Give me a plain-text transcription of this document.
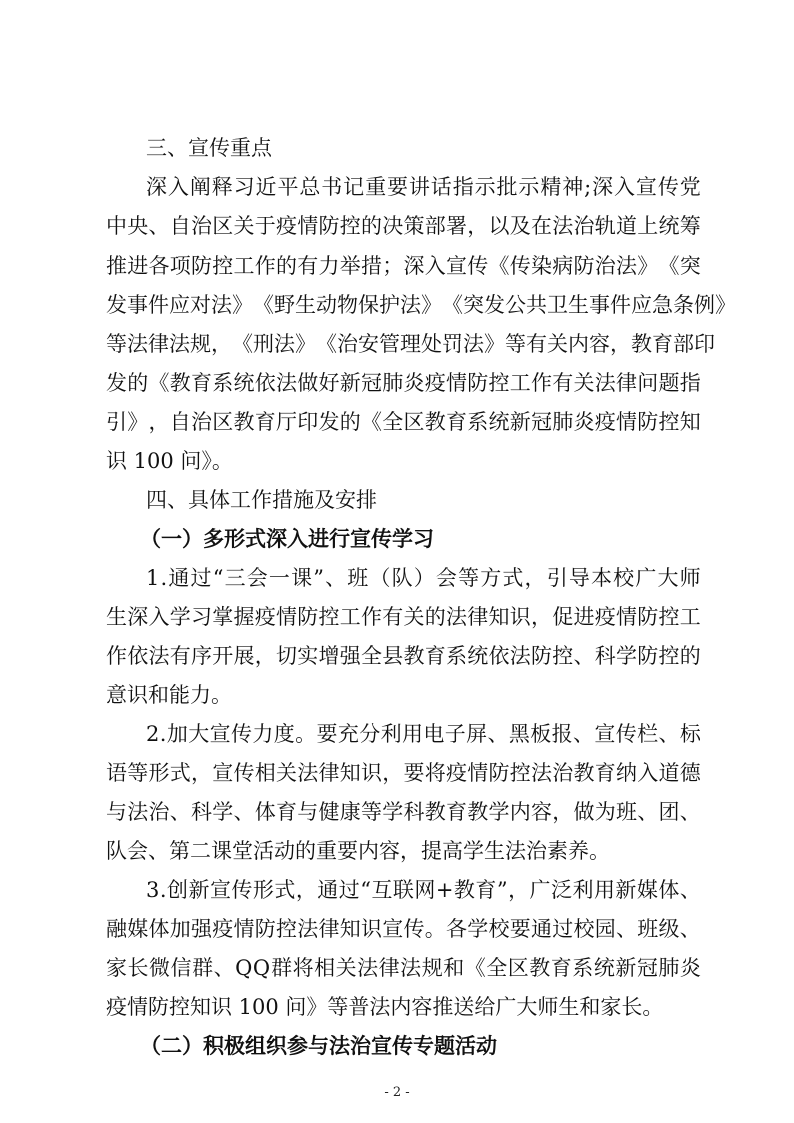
三、宣传重点
深 入 阐 释 习 近 平 总 书 记 重 要 讲 话 指 示 批 示 精 神 ; 深 入 宣 传 党
中 央 、 自 治 区 关 于 疫 情 防 控 的 决 策 部 署 ， 以 及 在 法 治 轨 道 上 统 筹
推 进 各 项 防 控 工 作 的 有 力 举 措 ； 深 入 宣 传 《 传 染 病 防 治 法 》 《 突
发 事 件 应 对 法 》 《 野 生 动 物 保 护 法 》 《 突 发 公 共 卫 生 事 件 应 急 条 例 》
等 法 律 法 规 ， 《 刑 法 》 《 治 安 管 理 处 罚 法 》 等 有 关 内 容 ， 教 育 部 印
发 的 《 教 育 系 统 依 法 做 好 新 冠 肺 炎 疫 情 防 控 工 作 有 关 法 律 问 题 指
引 》 ， 自 治 区 教 育 厅 印 发 的 《 全 区 教 育 系 统 新 冠 肺 炎 疫 情 防 控 知
识 100 问》。
四、具体工作措施及安排
（一）多形式深入进行宣传学习
1 . 通 过 “ 三 会 一 课 ” 、 班 （ 队 ） 会 等 方 式 ， 引 导 本 校 广 大 师
生 深 入 学 习 掌 握 疫 情 防 控 工 作 有 关 的 法 律 知 识 ， 促 进 疫 情 防 控 工
作 依 法 有 序 开 展 ， 切 实 增 强 全 县 教 育 系 统 依 法 防 控 、 科 学 防 控 的
意识和能力。
2 . 加 大 宣 传 力 度 。 要 充 分 利 用 电 子 屏 、 黑 板 报 、 宣 传 栏 、 标
语 等 形 式 ， 宣 传 相 关 法 律 知 识 ， 要 将 疫 情 防 控 法 治 教 育 纳 入 道 德
与 法 治 、 科 学 、 体 育 与 健 康 等 学 科 教 育 教 学 内 容 ， 做 为 班 、 团 、
队会、第二课堂活动的重要内容，提高学生法治素养。
3 . 创 新 宣 传 形 式 ， 通 过 “ 互 联 网 + 教 育 ” ， 广 泛 利 用 新 媒 体 、
融 媒 体 加 强 疫 情 防 控 法 律 知 识 宣 传 。 各 学 校 要 通 过 校 园 、 班 级 、
家 长 微 信 群 、 Q Q 群 将 相 关 法 律 法 规 和 《 全 区 教 育 系 统 新 冠 肺 炎
疫情防控知识 100 问》等普法内容推送给广大师生和家长。
（二）积极组织参与法治宣传专题活动
- 2 -
